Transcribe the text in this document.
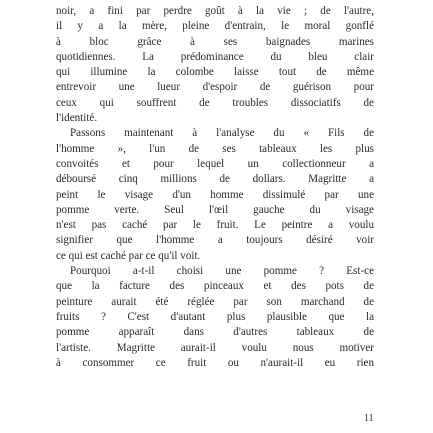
noir, a fini par perdre goût à la vie ; de l'autre,
il y a la mère, pleine d'entrain, le moral gonflé
à bloc grâce à ses baignades marines
quotidiennes. La prédominance du bleu clair
qui illumine la colombe laisse tout de même
entrevoir une lueur d'espoir de guérison pour
ceux qui souffrent de troubles dissociatifs de
l'identité.
Passons maintenant à l'analyse du « Fils de
l'homme », l'un de ses tableaux les plus
convoités et pour lequel un collectionneur a
déboursé cinq millions de dollars. Magritte a
peint le visage d'un homme dissimulé par une
pomme verte. Seul l'œil gauche du visage
n'est pas caché par le fruit. Le peintre a voulu
signifier que l'homme a toujours désiré voir
ce qui est caché par ce qu'il voit.
Pourquoi a-t-il choisi une pomme ? Est-ce
que la facture des pinceaux et des pots de
peinture aurait été réglée par son marchand de
fruits ? C'est d'autant plus plausible que la
pomme apparaît dans d'autres tableaux de
l'artiste. Magritte aurait-il voulu nous motiver
à consommer ce fruit ou n'aurait-il eu rien
11
